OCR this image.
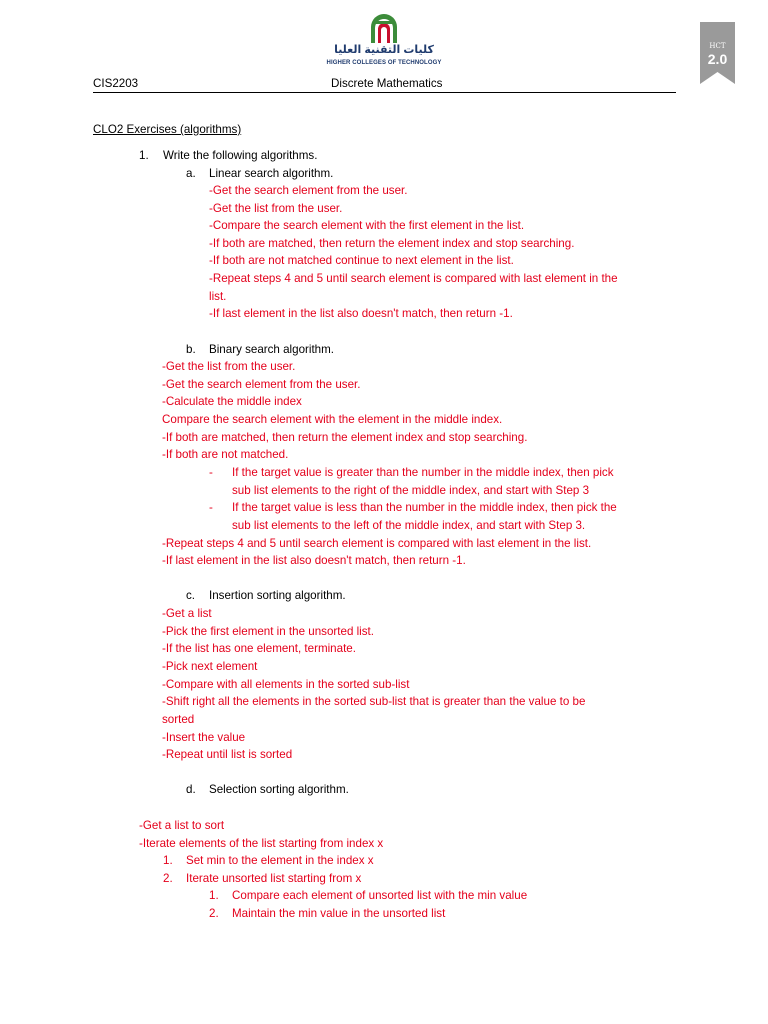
كليات التقنية العليا
HIGHER COLLEGES OF TECHNOLOGY
HCT
2.0
CIS2203	Discrete Mathematics
CLO2 Exercises (algorithms)
1. Write the following algorithms.
a. Linear search algorithm.
-Get the search element from the user.
-Get the list from the user.
-Compare the search element with the first element in the list.
-If both are matched, then return the element index and stop searching.
-If both are not matched continue to next element in the list.
-Repeat steps 4 and 5 until search element is compared with last element in the
list.
-If last element in the list also doesn't match, then return -1.
b. Binary search algorithm.
-Get the list from the user.
-Get the search element from the user.
-Calculate the middle index
Compare the search element with the element in the middle index.
-If both are matched, then return the element index and stop searching.
-If both are not matched.
- If the target value is greater than the number in the middle index, then pick
sub list elements to the right of the middle index, and start with Step 3
- If the target value is less than the number in the middle index, then pick the
sub list elements to the left of the middle index, and start with Step 3.
-Repeat steps 4 and 5 until search element is compared with last element in the list.
-If last element in the list also doesn't match, then return -1.
c. Insertion sorting algorithm.
-Get a list
-Pick the first element in the unsorted list.
-If the list has one element, terminate.
-Pick next element
-Compare with all elements in the sorted sub-list
-Shift right all the elements in the sorted sub-list that is greater than the value to be
sorted
-Insert the value
-Repeat until list is sorted
d. Selection sorting algorithm.
-Get a list to sort
-Iterate elements of the list starting from index x
1. Set min to the element in the index x
2. Iterate unsorted list starting from x
1. Compare each element of unsorted list with the min value
2. Maintain the min value in the unsorted list
